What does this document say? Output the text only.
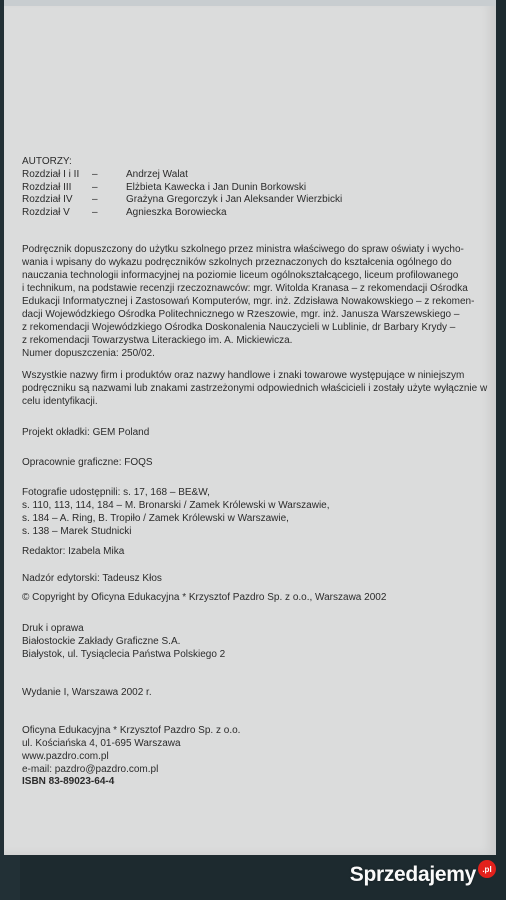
AUTORZY:
Rozdział I i II	–	Andrzej Walat
Rozdział III	–	Elżbieta Kawecka i Jan Dunin Borkowski
Rozdział IV	–	Grażyna Gregorczyk i Jan Aleksander Wierzbicki
Rozdział V	–	Agnieszka Borowiecka
Podręcznik dopuszczony do użytku szkolnego przez ministra właściwego do spraw oświaty i wycho-
wania i wpisany do wykazu podręczników szkolnych przeznaczonych do kształcenia ogólnego do
nauczania technologii informacyjnej na poziomie liceum ogólnokształcącego, liceum profilowanego
i technikum, na podstawie recenzji rzeczoznawców: mgr. Witolda Kranasa – z rekomendacji Ośrodka
Edukacji Informatycznej i Zastosowań Komputerów, mgr. inż. Zdzisława Nowakowskiego – z rekomen-
dacji Wojewódzkiego Ośrodka Politechnicznego w Rzeszowie, mgr. inż. Janusza Warszewskiego –
z rekomendacji Wojewódzkiego Ośrodka Doskonalenia Nauczycieli w Lublinie, dr Barbary Krydy –
z rekomendacji Towarzystwa Literackiego im. A. Mickiewicza.
Numer dopuszczenia: 250/02.
Wszystkie nazwy firm i produktów oraz nazwy handlowe i znaki towarowe występujące w niniejszym
podręczniku są nazwami lub znakami zastrzeżonymi odpowiednich właścicieli i zostały użyte wyłącznie w
celu identyfikacji.
Projekt okładki: GEM Poland
Opracownie graficzne: FOQS
Fotografie udostępnili: s. 17, 168 – BE&W,
s. 110, 113, 114, 184 – M. Bronarski / Zamek Królewski w Warszawie,
s. 184 – A. Ring, B. Tropiło / Zamek Królewski w Warszawie,
s. 138 – Marek Studnicki
Redaktor: Izabela Mika
Nadzór edytorski: Tadeusz Kłos
© Copyright by Oficyna Edukacyjna * Krzysztof Pazdro Sp. z o.o., Warszawa 2002
Druk i oprawa
Białostockie Zakłady Graficzne S.A.
Białystok, ul. Tysiąclecia Państwa Polskiego 2
Wydanie I, Warszawa 2002 r.
Oficyna Edukacyjna * Krzysztof Pazdro Sp. z o.o.
ul. Kościańska 4, 01-695 Warszawa
www.pazdro.com.pl
e-mail: pazdro@pazdro.com.pl
ISBN 83-89023-64-4
Sprzedajemy .pl
